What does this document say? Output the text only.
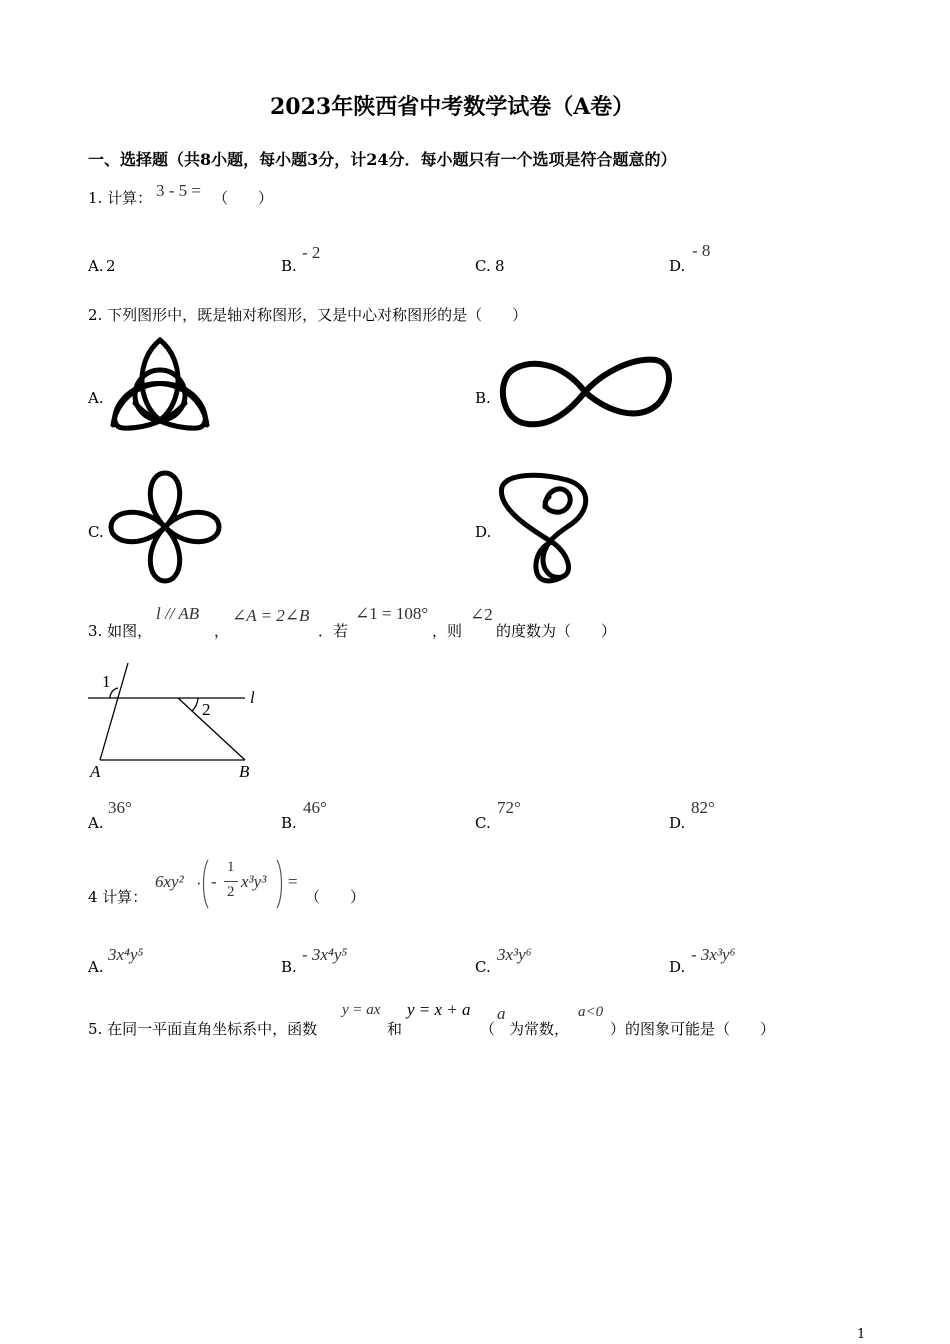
2023年陕西省中考数学试卷（A卷）
一、选择题（共8小题，每小题3分，计24分．每小题只有一个选项是符合题意的）
1. 计算： 3 - 5 = （　　）
A. 2	B.
- 2
C. 8	D.
- 8
2. 下列图形中，既是轴对称图形，又是中心对称图形的是（　　）
A.	B.
C.	D.
3. 如图，
l // AB
，
∠A = 2∠B
．若
∠1 = 108°
，则
∠2
的度数为（　　）
1
2
l
A	B
A.
36°
B.
46°
C.
72°
D.
82°
4 计算：
6xy² · -
1
2
x³y³ =
（　　）
A.
3x⁴y⁵
B.
- 3x⁴y⁵
C.
3x³y⁶
D.
- 3x³y⁶
5. 在同一平面直角坐标系中，函数
y = ax
和
y = x + a
（
a
为常数，
a<0
）的图象可能是（　　）
1
